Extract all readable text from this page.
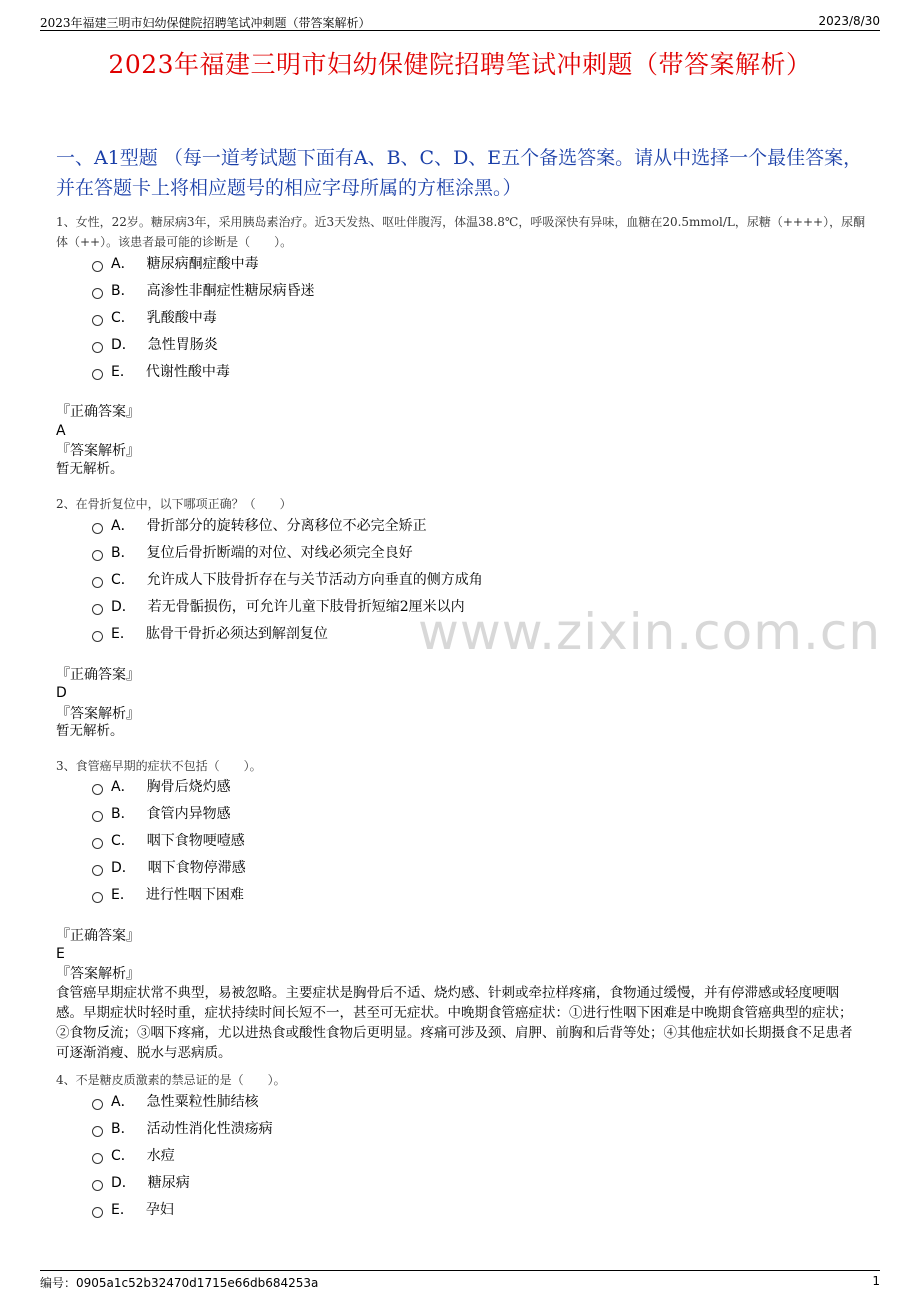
2023年福建三明市妇幼保健院招聘笔试冲刺题（带答案解析）	2023/8/30
2023年福建三明市妇幼保健院招聘笔试冲刺题（带答案解析）
一、A1型题 （每一道考试题下面有A、B、C、D、E五个备选答案。请从中选择一个最佳答案，并在答题卡上将相应题号的相应字母所属的方框涂黑。）
1、女性，22岁。糖尿病3年，采用胰岛素治疗。近3天发热、呕吐伴腹泻，体温38.8℃，呼吸深快有异味，血糖在20.5mmol/L，尿糖（++++），尿酮体（++）。该患者最可能的诊断是（　　）。
A． 糖尿病酮症酸中毒
B． 高渗性非酮症性糖尿病昏迷
C． 乳酸酸中毒
D． 急性胃肠炎
E． 代谢性酸中毒
『正确答案』
A
『答案解析』
暂无解析。
2、在骨折复位中，以下哪项正确？（　　）
A． 骨折部分的旋转移位、分离移位不必完全矫正
B． 复位后骨折断端的对位、对线必须完全良好
C． 允许成人下肢骨折存在与关节活动方向垂直的侧方成角
D． 若无骨骺损伤，可允许儿童下肢骨折短缩2厘米以内
E． 肱骨干骨折必须达到解剖复位
『正确答案』
D
『答案解析』
暂无解析。
3、食管癌早期的症状不包括（　　）。
A． 胸骨后烧灼感
B． 食管内异物感
C． 咽下食物哽噎感
D． 咽下食物停滞感
E． 进行性咽下困难
『正确答案』
E
『答案解析』
食管癌早期症状常不典型，易被忽略。主要症状是胸骨后不适、烧灼感、针刺或牵拉样疼痛，食物通过缓慢，并有停滞感或轻度哽咽感。早期症状时轻时重，症状持续时间长短不一，甚至可无症状。中晚期食管癌症状：①进行性咽下困难是中晚期食管癌典型的症状；②食物反流；③咽下疼痛，尤以进热食或酸性食物后更明显。疼痛可涉及颈、肩胛、前胸和后背等处；④其他症状如长期摄食不足患者可逐渐消瘦、脱水与恶病质。
4、不是糖皮质激素的禁忌证的是（　　）。
A． 急性粟粒性肺结核
B． 活动性消化性溃疡病
C． 水痘
D． 糖尿病
E． 孕妇
www.zixin.com.cn
编号：0905a1c52b32470d1715e66db684253a	1
